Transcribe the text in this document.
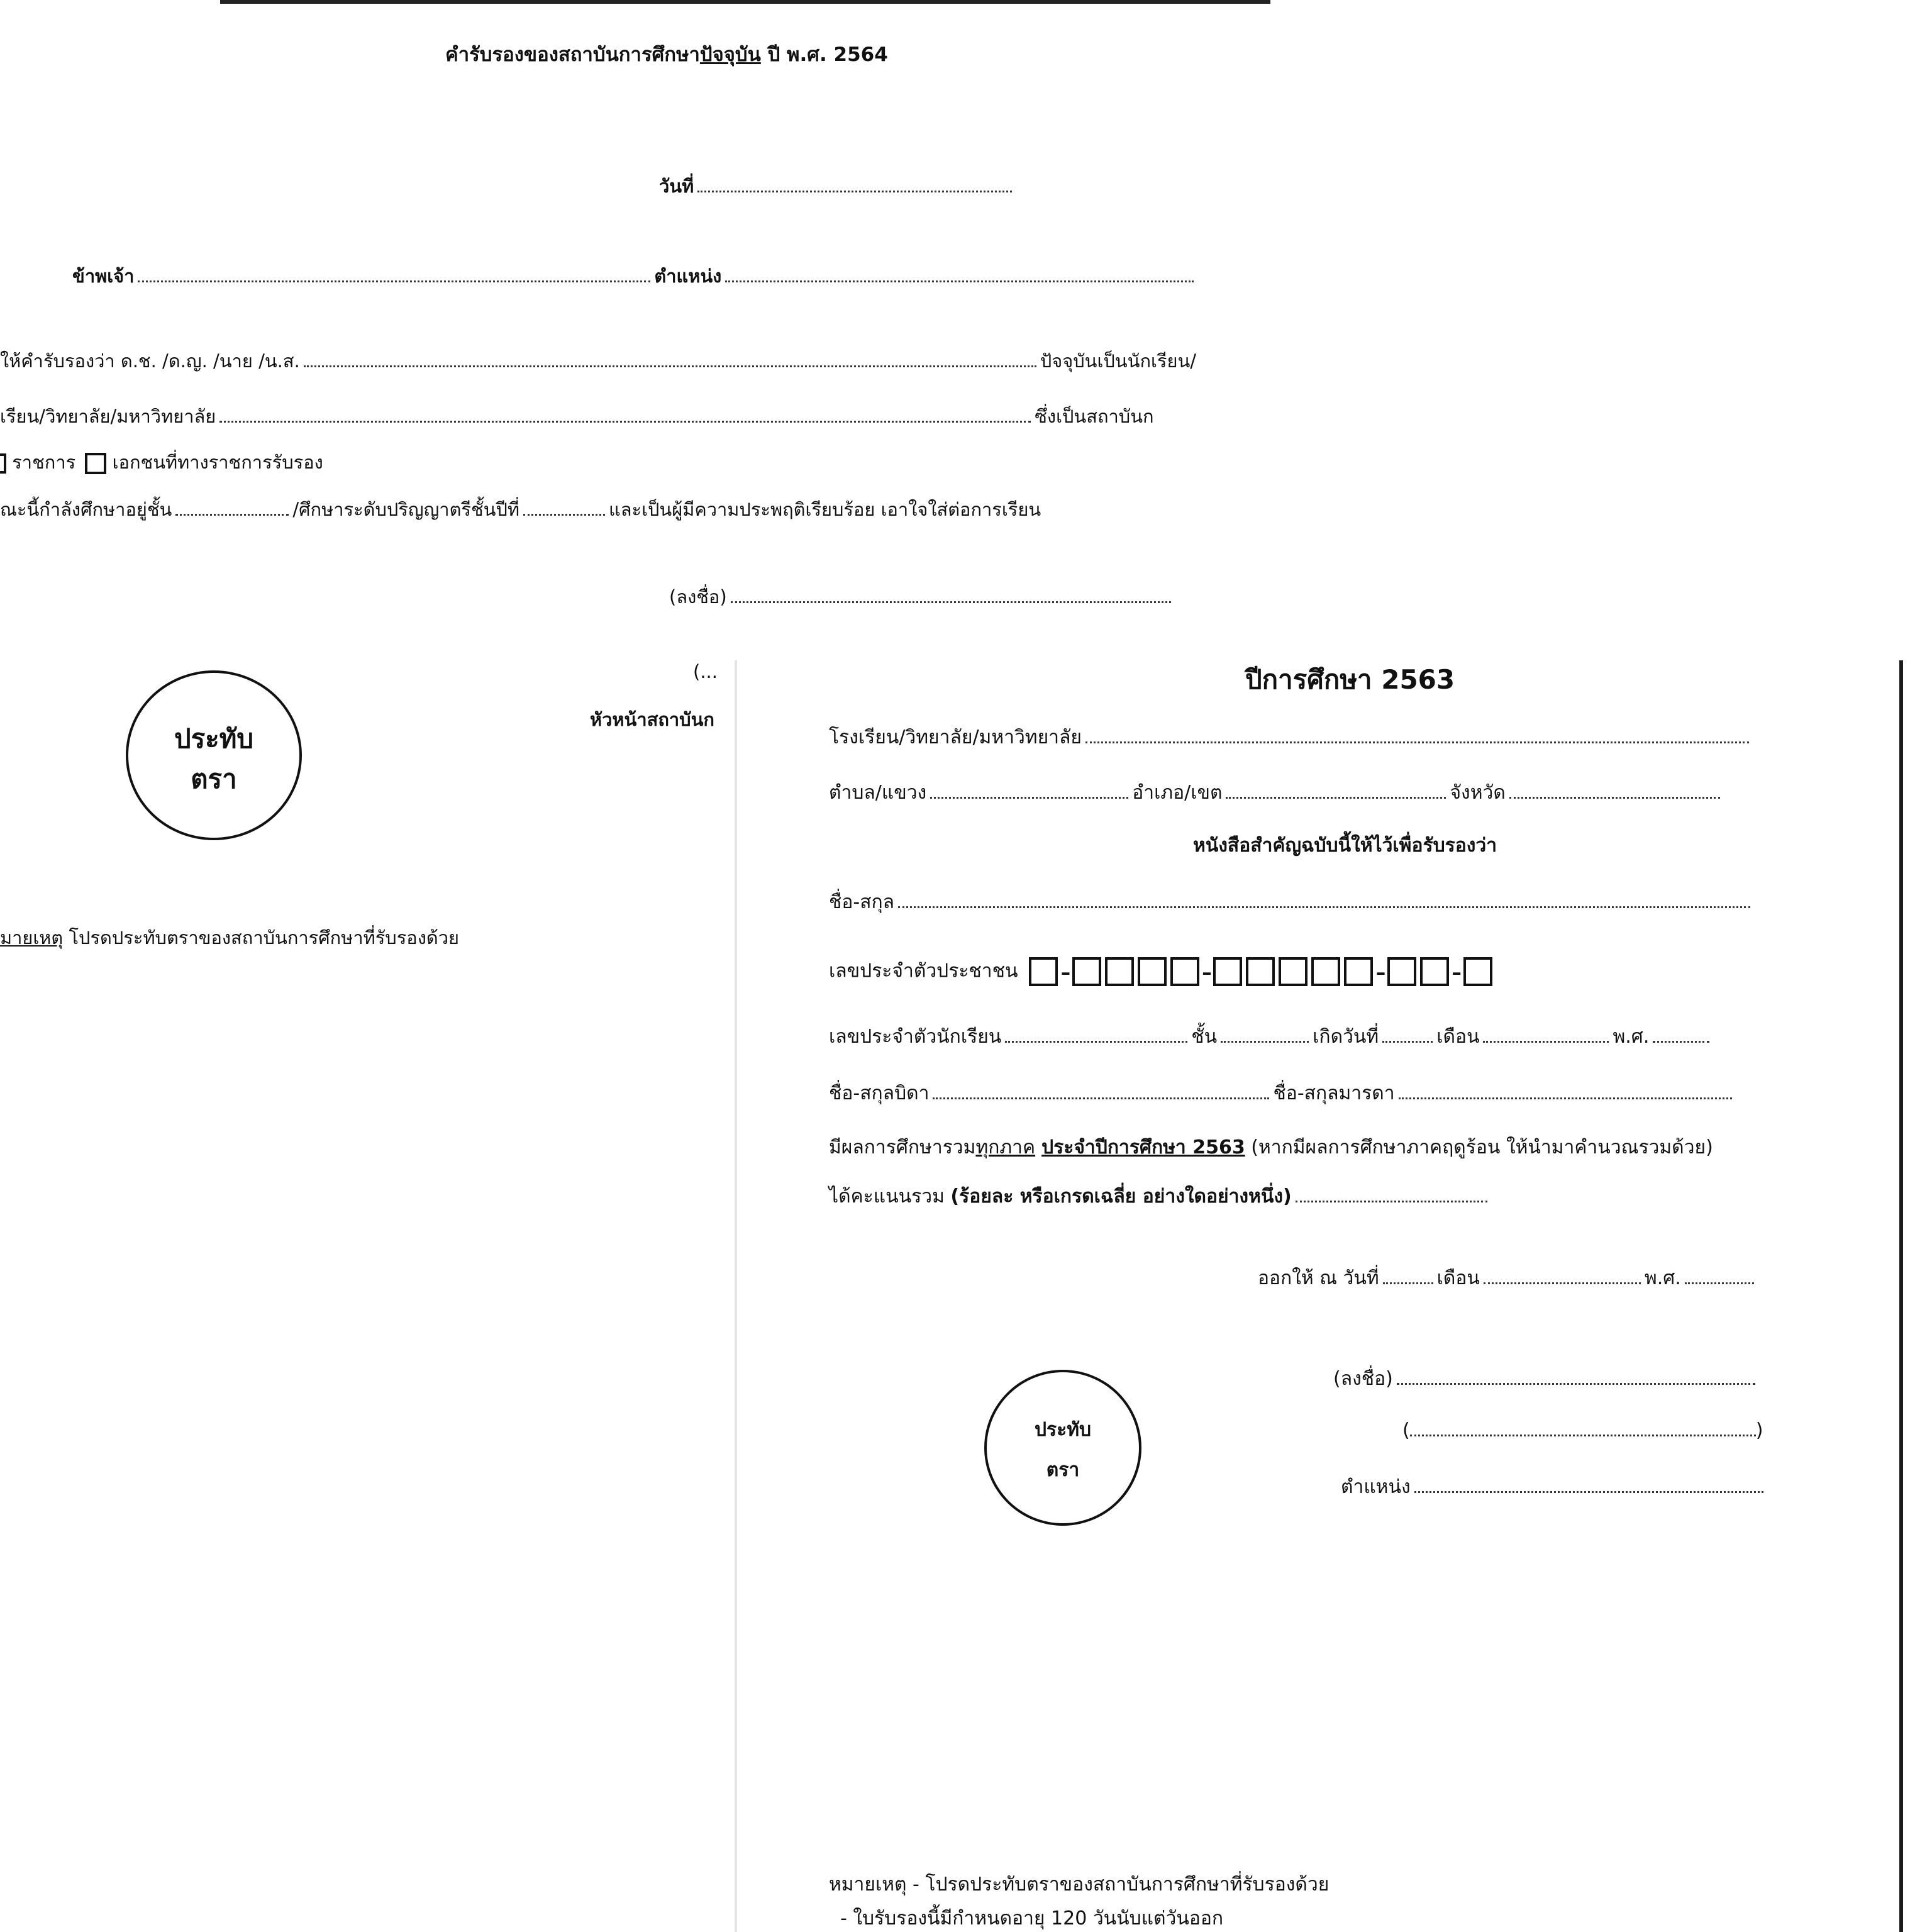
คำรับรองของสถาบันการศึกษาปัจจุบัน ปี พ.ศ. 2564
วันที่
ข้าพเจ้า	ตำแหน่ง
ให้คำรับรองว่า ด.ช. /ด.ญ. /นาย /น.ส.	ปัจจุบันเป็นนักเรียน/
เรียน/วิทยาลัย/มหาวิทยาลัย	ซึ่งเป็นสถาบันก
ราชการ เอกชนที่ทางราชการรับรอง
ณะนี้กำลังศึกษาอยู่ชั้น	/ศึกษาระดับปริญญาตรีชั้นปีที่	และเป็นผู้มีความประพฤติเรียบร้อย เอาใจใส่ต่อการเรียน
(ลงชื่อ)
(...
หัวหน้าสถาบันก
ประทับ
ตรา
มายเหตุ โปรดประทับตราของสถาบันการศึกษาที่รับรองด้วย
ปีการศึกษา 2563
โรงเรียน/วิทยาลัย/มหาวิทยาลัย
ตำบล/แขวง	อำเภอ/เขต	จังหวัด
หนังสือสำคัญฉบับนี้ให้ไว้เพื่อรับรองว่า
ชื่อ-สกุล
เลขประจำตัวประชาชน -	-	- -
เลขประจำตัวนักเรียน	ชั้น	เกิดวันที่	เดือน	พ.ศ.
ชื่อ-สกุลบิดา	ชื่อ-สกุลมารดา
มีผลการศึกษารวมทุกภาค ประจำปีการศึกษา 2563 (หากมีผลการศึกษาภาคฤดูร้อน ให้นำมาคำนวณรวมด้วย)
ได้คะแนนรวม (ร้อยละ หรือเกรดเฉลี่ย อย่างใดอย่างหนึ่ง)
ออกให้ ณ วันที่	เดือน	พ.ศ.
(ลงชื่อ)
(	)
ตำแหน่ง
ประทับ
ตรา
หมายเหตุ - โปรดประทับตราของสถาบันการศึกษาที่รับรองด้วย
- ใบรับรองนี้มีกำหนดอายุ 120 วันนับแต่วันออก
